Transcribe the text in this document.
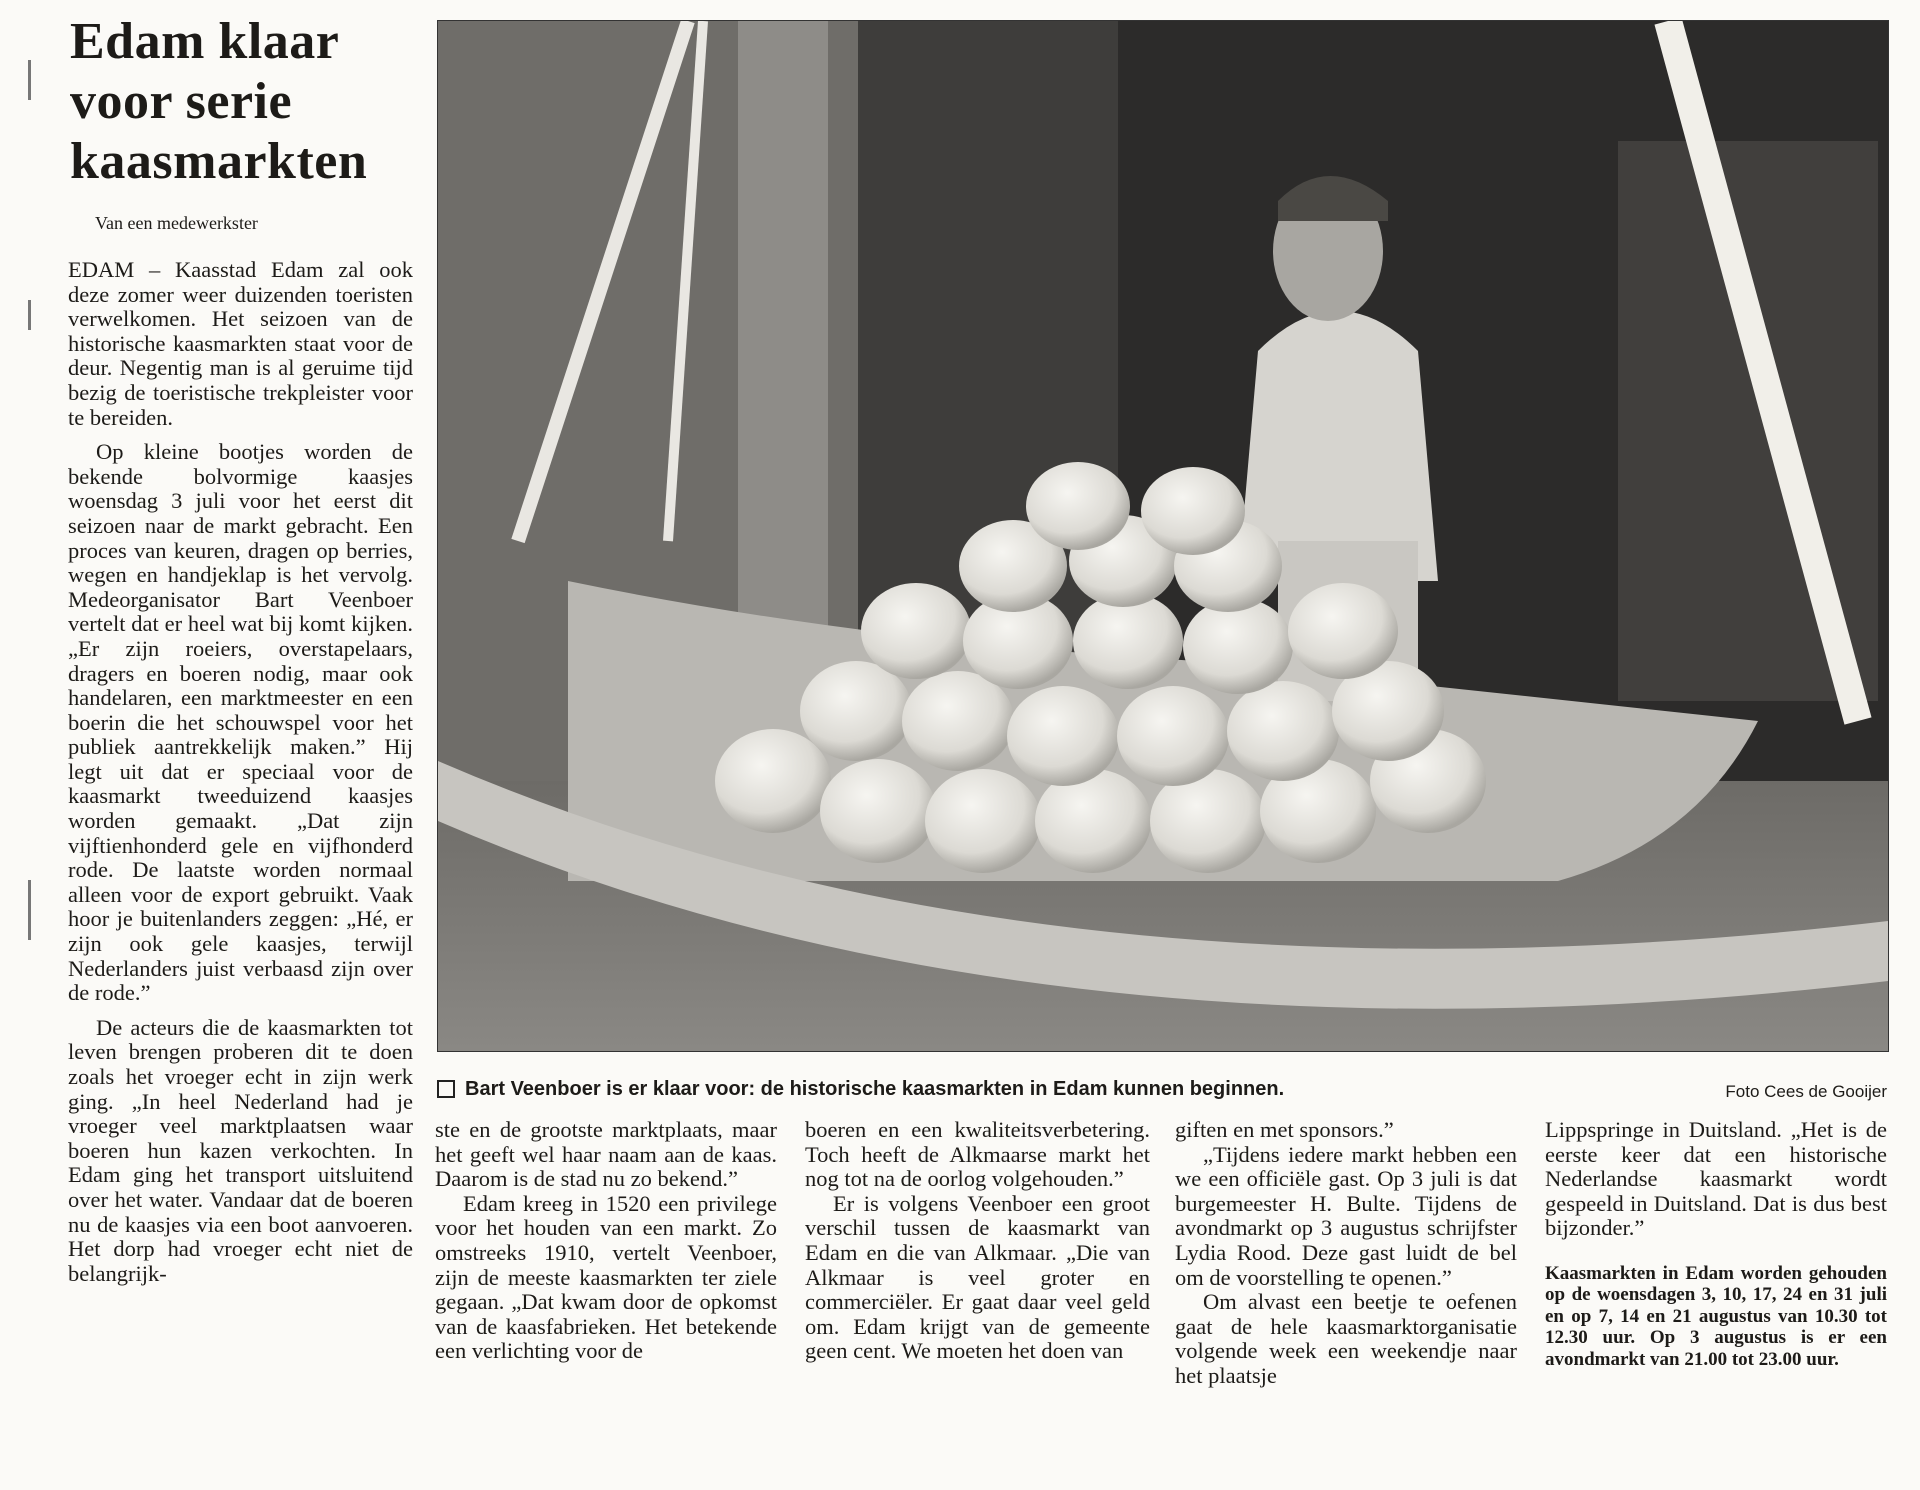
Edam klaar voor serie kaasmarkten
Van een medewerkster

EDAM – Kaasstad Edam zal ook deze zomer weer duizenden toeristen verwelkomen. Het seizoen van de historische kaasmarkten staat voor de deur. Negentig man is al geruime tijd bezig de toeristische trekpleister voor te bereiden.

Op kleine bootjes worden de bekende bolvormige kaasjes woensdag 3 juli voor het eerst dit seizoen naar de markt gebracht. Een proces van keuren, dragen op berries, wegen en handjeklap is het vervolg. Medeorganisator Bart Veenboer vertelt dat er heel wat bij komt kijken. „Er zijn roeiers, overstapelaars, dragers en boeren nodig, maar ook handelaren, een marktmeester en een boerin die het schouwspel voor het publiek aantrekkelijk maken.” Hij legt uit dat er speciaal voor de kaasmarkt tweeduizend kaasjes worden gemaakt. „Dat zijn vijftienhonderd gele en vijfhonderd rode. De laatste worden normaal alleen voor de export gebruikt. Vaak hoor je buitenlanders zeggen: „Hé, er zijn ook gele kaasjes, terwijl Nederlanders juist verbaasd zijn over de rode.”

De acteurs die de kaasmarkten tot leven brengen proberen dit te doen zoals het vroeger echt in zijn werk ging. „In heel Nederland had je vroeger veel marktplaatsen waar boeren hun kazen verkochten. In Edam ging het transport uitsluitend over het water. Vandaar dat de boeren nu de kaasjes via een boot aanvoeren. Het dorp had vroeger echt niet de belangrijk-

Bart Veenboer is er klaar voor: de historische kaasmarkten in Edam kunnen beginnen.	Foto Cees de Gooijer

ste en de grootste marktplaats, maar het geeft wel haar naam aan de kaas. Daarom is de stad nu zo bekend.”

Edam kreeg in 1520 een privilege voor het houden van een markt. Zo omstreeks 1910, vertelt Veenboer, zijn de meeste kaasmarkten ter ziele gegaan. „Dat kwam door de opkomst van de kaasfabrieken. Het betekende een verlichting voor de

boeren en een kwaliteitsverbetering. Toch heeft de Alkmaarse markt het nog tot na de oorlog volgehouden.”

Er is volgens Veenboer een groot verschil tussen de kaasmarkt van Edam en die van Alkmaar. „Die van Alkmaar is veel groter en commerciëler. Er gaat daar veel geld om. Edam krijgt van de gemeente geen cent. We moeten het doen van

giften en met sponsors.”

„Tijdens iedere markt hebben een we een officiële gast. Op 3 juli is dat burgemeester H. Bulte. Tijdens de avondmarkt op 3 augustus schrijfster Lydia Rood. Deze gast luidt de bel om de voorstelling te openen.”

Om alvast een beetje te oefenen gaat de hele kaasmarktorganisatie volgende week een weekendje naar het plaatsje

Lippspringe in Duitsland. „Het is de eerste keer dat een historische Nederlandse kaasmarkt wordt gespeeld in Duitsland. Dat is dus best bijzonder.”

Kaasmarkten in Edam worden gehouden op de woensdagen 3, 10, 17, 24 en 31 juli en op 7, 14 en 21 augustus van 10.30 tot 12.30 uur. Op 3 augustus is er een avondmarkt van 21.00 tot 23.00 uur.
